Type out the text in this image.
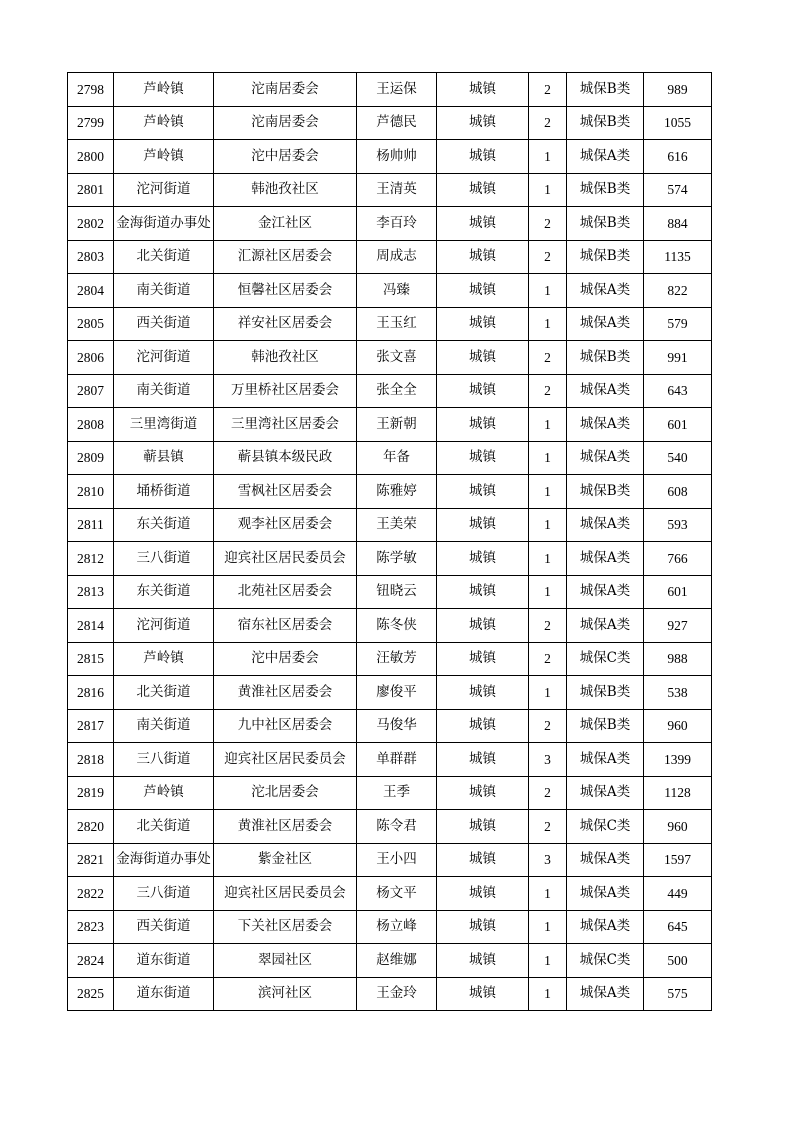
2798	芦岭镇	沱南居委会	王运保	城镇	2	城保B类	989
2799	芦岭镇	沱南居委会	芦德民	城镇	2	城保B类	1055
2800	芦岭镇	沱中居委会	杨帅帅	城镇	1	城保A类	616
2801	沱河街道	韩池孜社区	王清英	城镇	1	城保B类	574
2802	金海街道办事处	金江社区	李百玲	城镇	2	城保B类	884
2803	北关街道	汇源社区居委会	周成志	城镇	2	城保B类	1135
2804	南关街道	恒馨社区居委会	冯臻	城镇	1	城保A类	822
2805	西关街道	祥安社区居委会	王玉红	城镇	1	城保A类	579
2806	沱河街道	韩池孜社区	张文喜	城镇	2	城保B类	991
2807	南关街道	万里桥社区居委会	张全全	城镇	2	城保A类	643
2808	三里湾街道	三里湾社区居委会	王新朝	城镇	1	城保A类	601
2809	蕲县镇	蕲县镇本级民政	年备	城镇	1	城保A类	540
2810	埇桥街道	雪枫社区居委会	陈雅婷	城镇	1	城保B类	608
2811	东关街道	观李社区居委会	王美荣	城镇	1	城保A类	593
2812	三八街道	迎宾社区居民委员会	陈学敏	城镇	1	城保A类	766
2813	东关街道	北苑社区居委会	钮晓云	城镇	1	城保A类	601
2814	沱河街道	宿东社区居委会	陈冬侠	城镇	2	城保A类	927
2815	芦岭镇	沱中居委会	汪敏芳	城镇	2	城保C类	988
2816	北关街道	黄淮社区居委会	廖俊平	城镇	1	城保B类	538
2817	南关街道	九中社区居委会	马俊华	城镇	2	城保B类	960
2818	三八街道	迎宾社区居民委员会	单群群	城镇	3	城保A类	1399
2819	芦岭镇	沱北居委会	王季	城镇	2	城保A类	1128
2820	北关街道	黄淮社区居委会	陈令君	城镇	2	城保C类	960
2821	金海街道办事处	紫金社区	王小四	城镇	3	城保A类	1597
2822	三八街道	迎宾社区居民委员会	杨文平	城镇	1	城保A类	449
2823	西关街道	下关社区居委会	杨立峰	城镇	1	城保A类	645
2824	道东街道	翠园社区	赵维娜	城镇	1	城保C类	500
2825	道东街道	滨河社区	王金玲	城镇	1	城保A类	575
